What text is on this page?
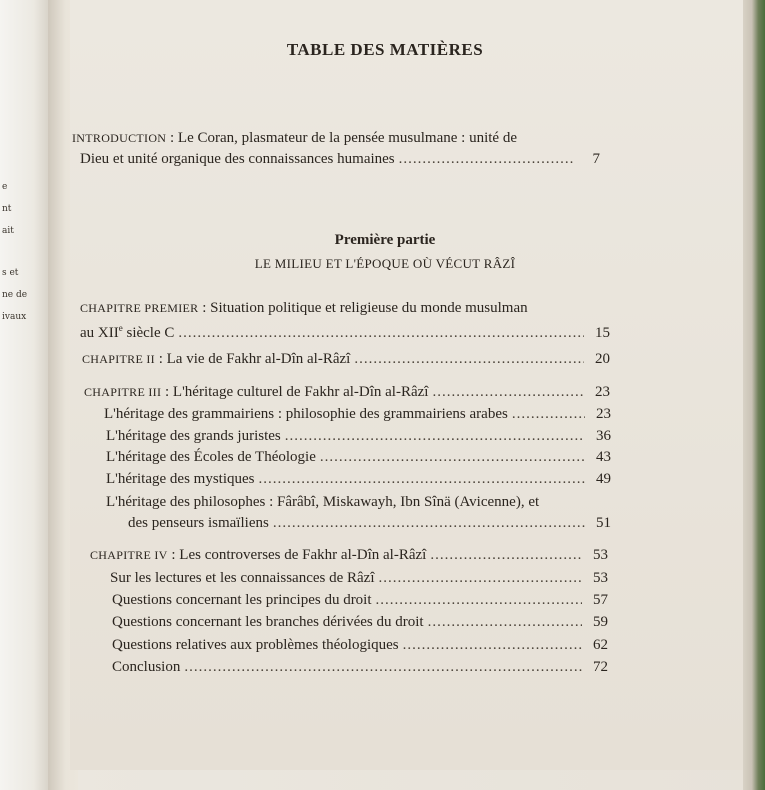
e
nt
ait
s et
ne de
ivaux
TABLE DES MATIÈRES
INTRODUCTION : Le Coran, plasmateur de la pensée musulmane : unité de
Dieu et unité organique des connaissances humaines .....	7
Première partie
LE MILIEU ET L'ÉPOQUE OÙ VÉCUT RÂZÎ
CHAPITRE PREMIER : Situation politique et religieuse du monde musulman
au XIIe siècle C .....	15
CHAPITRE II : La vie de Fakhr al-Dîn al-Râzî .....	20
CHAPITRE III : L'héritage culturel de Fakhr al-Dîn al-Râzî .....	23
L'héritage des grammairiens : philosophie des grammairiens arabes .....	23
L'héritage des grands juristes .....	36
L'héritage des Écoles de Théologie .....	43
L'héritage des mystiques .....	49
L'héritage des philosophes : Fârâbî, Miskawayh, Ibn Sînä (Avicenne), et
des penseurs ismaïliens .....	51
CHAPITRE IV : Les controverses de Fakhr al-Dîn al-Râzî .....	53
Sur les lectures et les connaissances de Râzî .....	53
Questions concernant les principes du droit .....	57
Questions concernant les branches dérivées du droit .....	59
Questions relatives aux problèmes théologiques .....	62
Conclusion .....	72
